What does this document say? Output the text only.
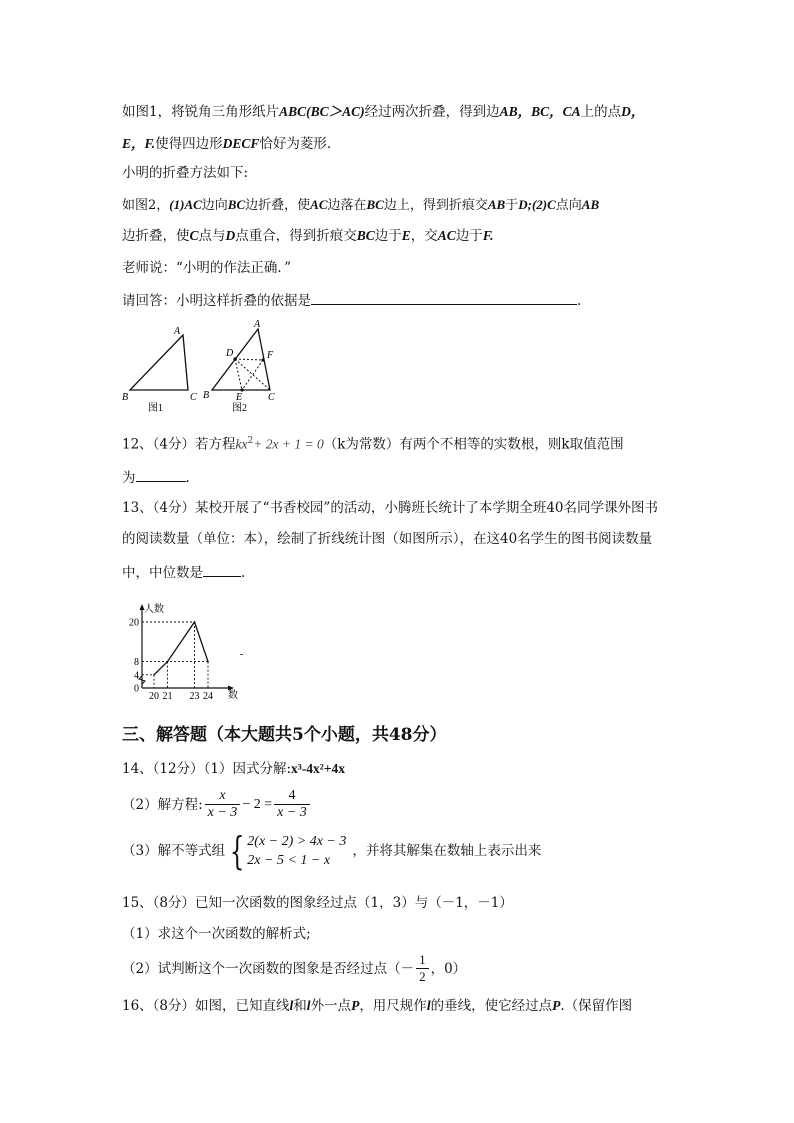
如图1，将锐角三角形纸片ABC(BC＞AC)经过两次折叠，得到边AB，BC，CA上的点D，
E，F.使得四边形DECF恰好为菱形.
小明的折叠方法如下:
如图2，(1)AC边向BC边折叠，使AC边落在BC边上，得到折痕交AB于D;(2)C点向AB
边折叠，使C点与D点重合，得到折痕交BC边于E，交AC边于F.
老师说：“小明的作法正确．”
请回答：小明这样折叠的依据是	.
A
B	C
图1
A
B	C
D
E
F
图2
12、（4分）若方程$kx^2+ 2x + 1 = 0(k$为常数）有两个不相等的实数根，则k取值范围
为	.
13、（4分）某校开展了“书香校园”的活动，小腾班长统计了本学期全班40名同学课外图书
的阅读数量（单位：本），绘制了折线统计图（如图所示），在这40名学生的图书阅读数量
中，中位数是	.
人数
数
20
8
4
0
20 21 23 24
-
三、解答题（本大题共5个小题，共48分）
14、（12分）（1）因式分解:x³-4x²+4x
（2）解方程: $\frac{x}{x - 3} - 2 = \frac{4}{x - 3}$
（3）解不等式组 { 2(x − 2) > 4x − 3
2x − 5 < 1 − x
，并将其解集在数轴上表示出来
15、（8分）已知一次函数的图象经过点（1，3）与（－1，－1）
（1）求这个一次函数的解析式;
（2）试判断这个一次函数的图象是否经过点（－ $\frac{1}{2}$ ，0）
16、（8分）如图，已知直线l和l外一点P，用尺规作l的垂线，使它经过点P.（保留作图
